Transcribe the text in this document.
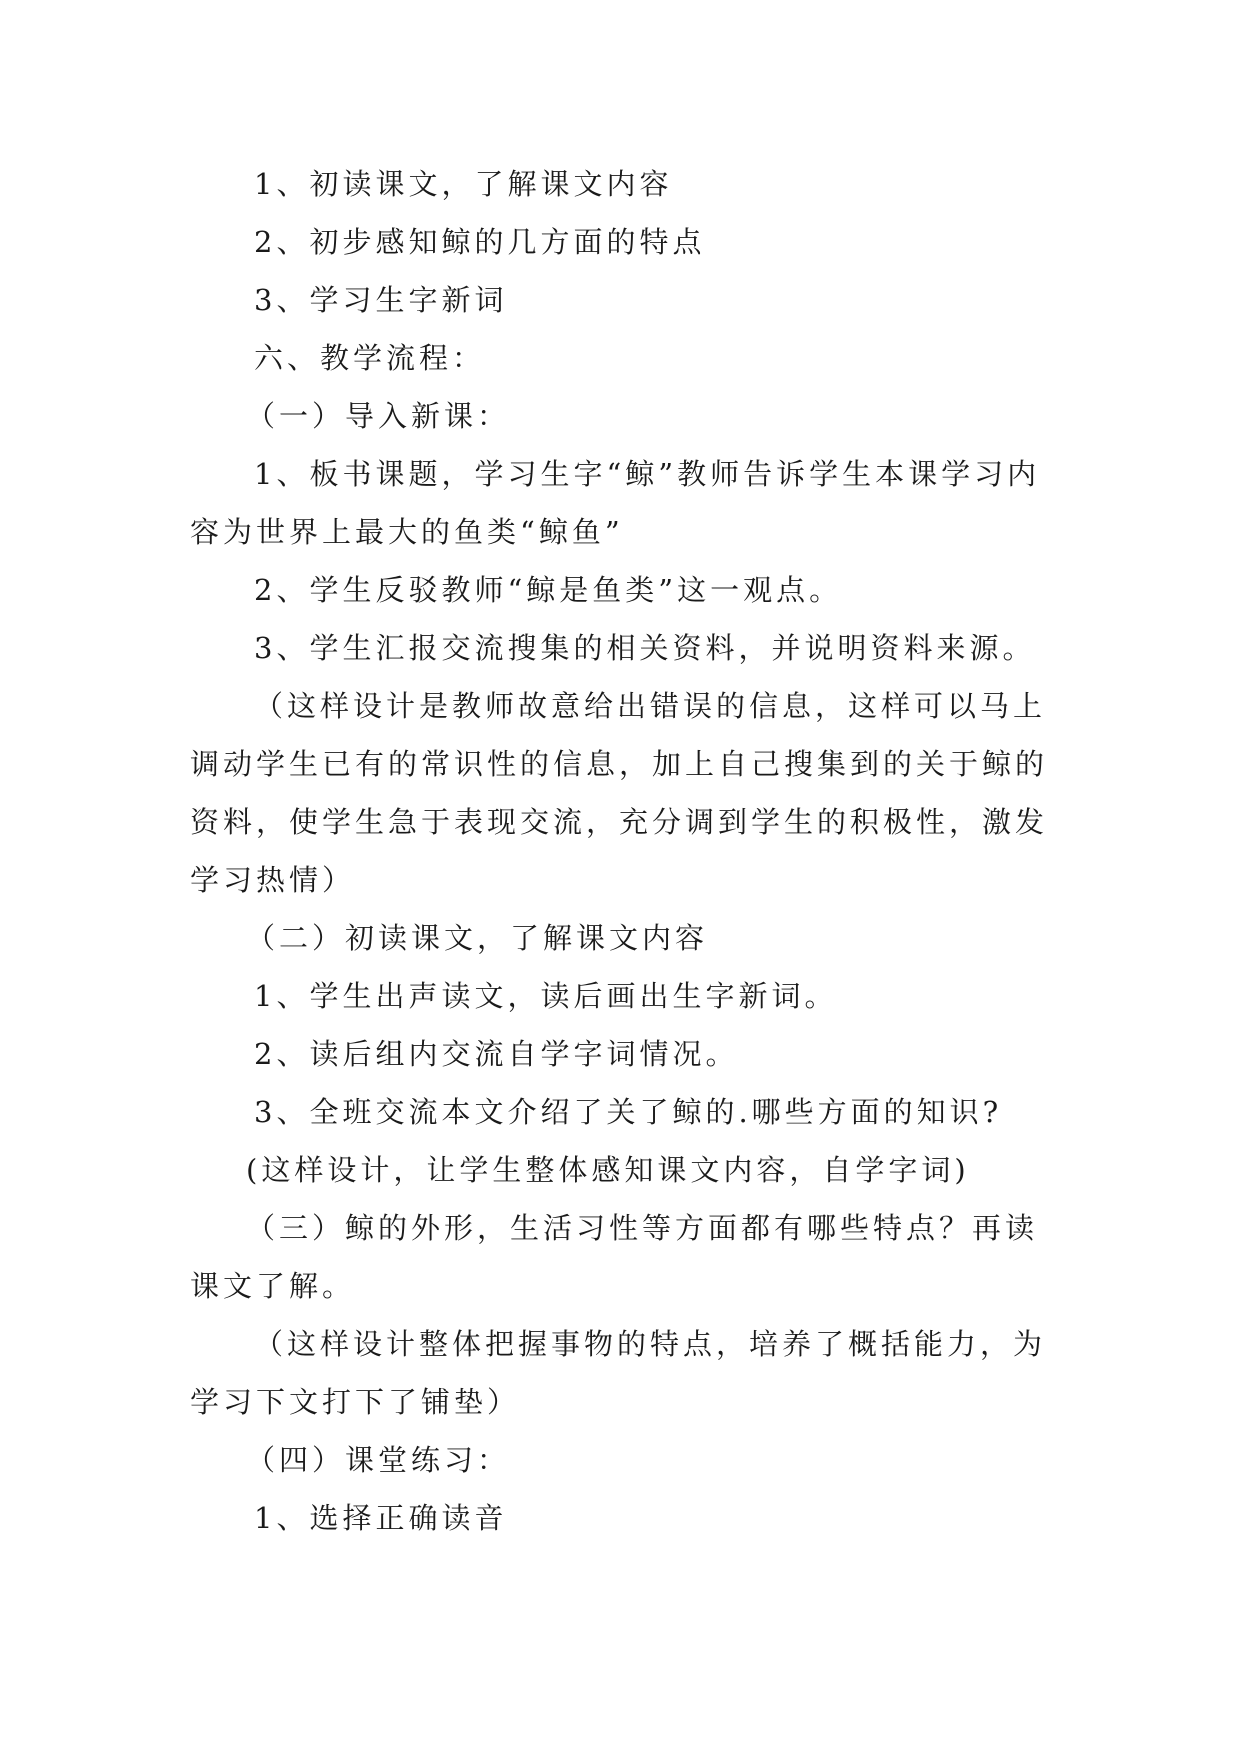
1、初读课文，了解课文内容

2、初步感知鲸的几方面的特点

3、学习生字新词

六、教学流程：

（一）导入新课：

1、板书课题，学习生字“鲸”教师告诉学生本课学习内容为世界上最大的鱼类“鲸鱼”

2、学生反驳教师“鲸是鱼类”这一观点。

3、学生汇报交流搜集的相关资料，并说明资料来源。

（这样设计是教师故意给出错误的信息，这样可以马上调动学生已有的常识性的信息，加上自己搜集到的关于鲸的资料，使学生急于表现交流，充分调到学生的积极性，激发学习热情）

（二）初读课文，了解课文内容

1、学生出声读文，读后画出生字新词。

2、读后组内交流自学字词情况。

3、全班交流本文介绍了关了鲸的.哪些方面的知识?

(这样设计，让学生整体感知课文内容，自学字词)

（三）鲸的外形，生活习性等方面都有哪些特点？再读课文了解。

（这样设计整体把握事物的特点，培养了概括能力，为学习下文打下了铺垫）

（四）课堂练习：

1、选择正确读音
